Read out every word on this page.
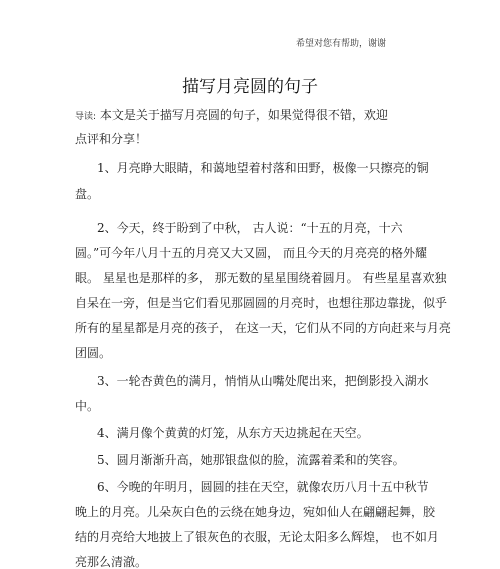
希望对您有帮助，谢谢
描写月亮圆的句子
导读: 本文是关于描写月亮圆的句子，如果觉得很不错，欢迎
点评和分享！
1、月亮睁大眼睛，和蔼地望着村落和田野，极像一只擦亮的铜
盘。
2、今天，终于盼到了中秋， 古人说：“十五的月亮，十六
圆。”可今年八月十五的月亮又大又圆， 而且今天的月亮亮的格外耀
眼。 星星也是那样的多， 那无数的星星围绕着圆月。 有些星星喜欢独
自呆在一旁，但是当它们看见那圆圆的月亮时，也想往那边靠拢，似乎
所有的星星都是月亮的孩子， 在这一天，它们从不同的方向赶来与月亮
团圆。
3、一轮杏黄色的满月，悄悄从山嘴处爬出来，把倒影投入湖水
中。
4、满月像个黄黄的灯笼，从东方天边挑起在天空。
5、圆月渐渐升高，她那银盘似的脸，流露着柔和的笑容。
6、今晚的年明月，圆圆的挂在天空，就像农历八月十五中秋节
晚上的月亮。儿朵灰白色的云绕在她身边，宛如仙人在翩翩起舞，胶
结的月亮给大地披上了银灰色的衣服，无论太阳多么辉煌， 也不如月
亮那么清澈。
